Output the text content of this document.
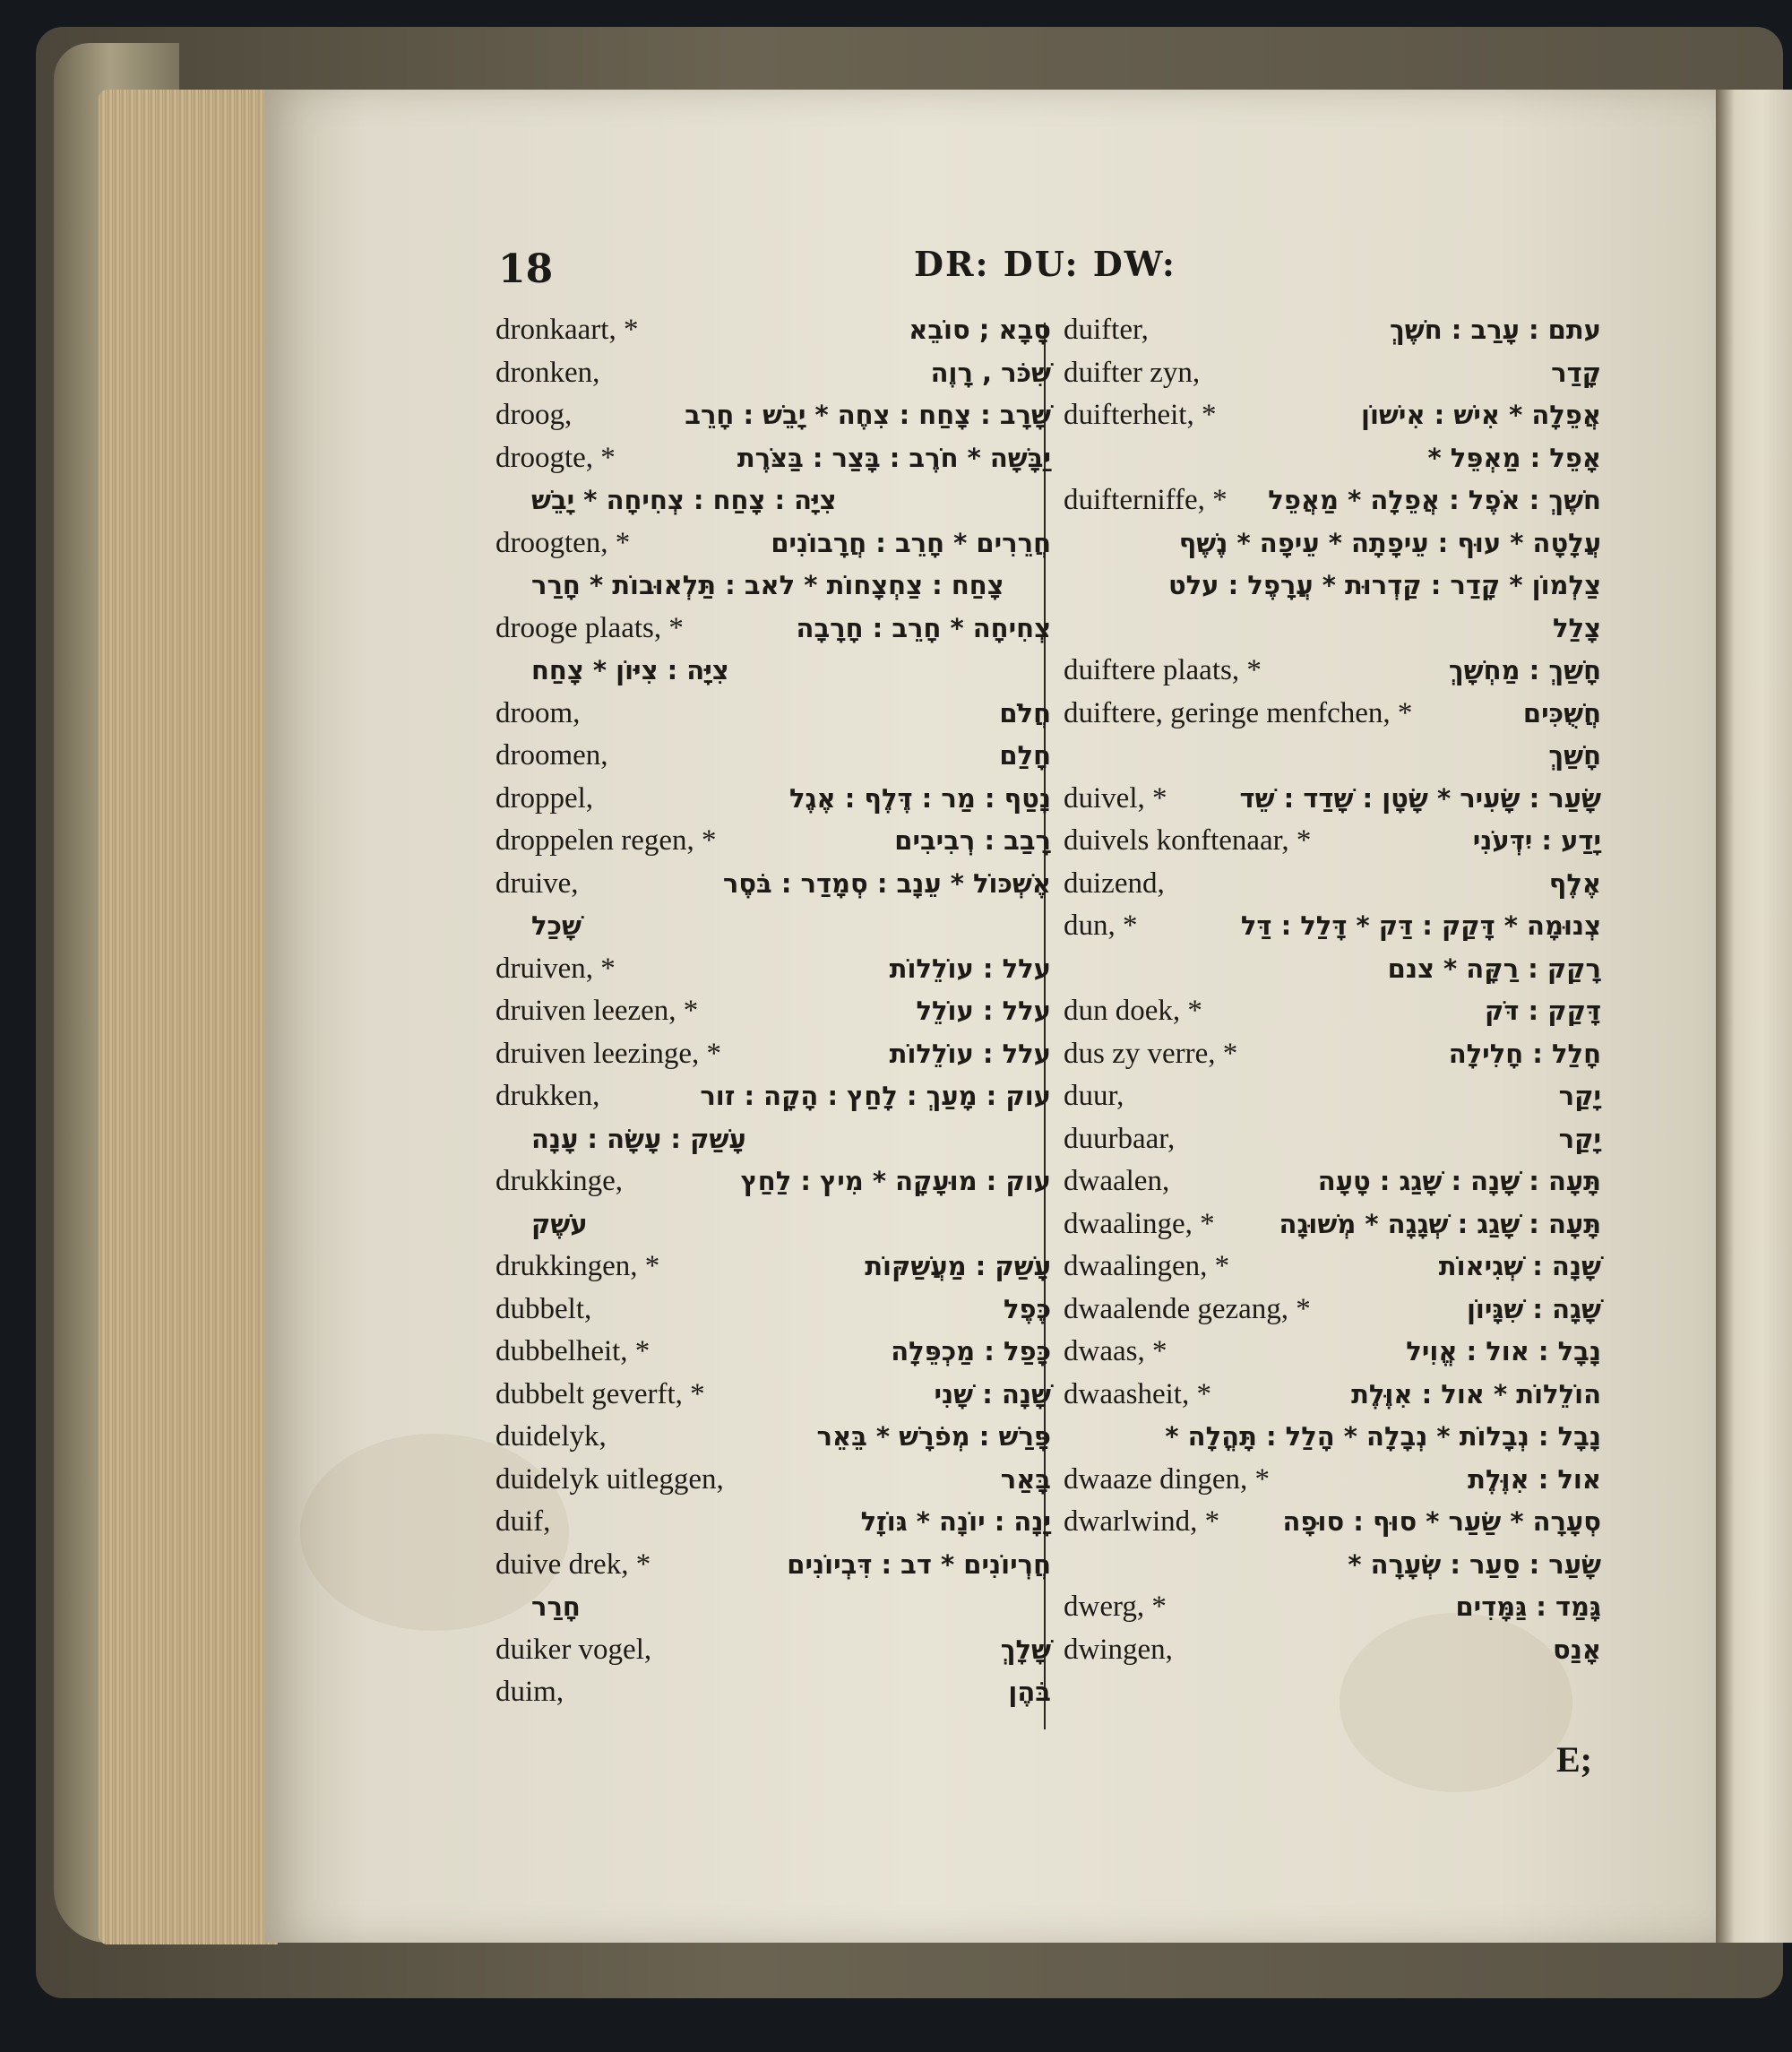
18	DR: DU: DW:
dronkaart, *	סָבָא ; סוֹבֵא
dronken,	שִׁכֹּר , רָוֶה
droog,	שָׁרָב : צָחַח : צִחֶה * יָבֵשׁ : חָרֵב
droogte, *	יַבָּשָׁה * חֹרֶב : בָּצַר : בַּצֹּרֶת
צִיָּה : צָחַח : צְחִיחָה * יָבֵשׁ
droogten, *	חֲרֵרִים * חָרֵב : חֲרָבוֹנִים
צָחַח : צַחְצָחוֹת * לאב : תַּלְאוּבוֹת * חָרַר
drooge plaats, *	צְחִיחָה * חָרֵב : חָרָבָה
צִיָּה : צִיּוֹן * צָחַח
droom,	חֲלֹם
droomen,	חָלַם
droppel,	נָטַף : מַר : דֶּלֶף : אֶגֶל
droppelen regen, *	רָבַב : רְבִיבִים
druive,	אֶשְׁכּוֹל * עֵנָב : סְמָדַר : בֹּסֶר
שָׁכַל
druiven, *	עלל : עוֹלֵלוֹת
druiven leezen, *	עלל : עוֹלֵל
druiven leezinge, *	עלל : עוֹלֵלוֹת
drukken,	עוק : מָעַךְ : לָחַץ : הָקָה : זור
עָשַׁק : עָשָׂה : עָנָה
drukkinge,	עוק : מוּעָקָה * מִיץ : לַחַץ
עֹשֶׁק
drukkingen, *	עָשַׁק : מַעֲשַׁקּוֹת
dubbelt,	כֶּפֶל
dubbelheit, *	כָּפַל : מַכְפֵּלָה
dubbelt geverft, *	שָׁנָה : שָׁנִי
duidelyk,	פָּרַשׁ : מְפֹרָשׁ * בֵּאֵר
duidelyk uitleggen,	בָּאַר
duif,	יָנָה : יוֹנָה * גּוֹזָל
duive drek, *	חֲרְיוֹנִים * דב : דִּבְיוֹנִים
חָרַר
duiker vogel,	שָׁלָךְ
duim,	בֹּהֶן
duifter,	עתם : עָרַב : חשֶׁךְ
duifter zyn,	קָדַר
duifterheit, *	אֲפֵלָה * אִישׁ : אִישׁוֹן
אָפֵל : מַאְפֵּל *
duifterniffe, * חשֶׁךְ : אֹפֶל : אֲפֵלָה * מַאֲפֵל
עֲלָטָה * עוּף : עֵיפָתָה * עֵיפָה * נֶשֶׁף
צַלְמוֹן * קָדַר : קַדְרוּת * עֲרָפֶל : עלט
צָלַל
duiftere plaats, *	חָשַׁךְ : מַחְשָׁךְ
duiftere, geringe menfchen, *	חֲשֻׁכִּים
חָשַׁךְ
duivel, *	שָׂעַר : שָׂעִיר * שָׂטָן : שָׁדַד : שֵׁד
duivels konftenaar, *	יָדַע : יִדְּעֹנִי
duizend,	אֶלֶף
dun, *	צְנוּמָה * דָּקַק : דַּק * דָּלַל : דַּל
רָקַק : רַקָּה * צנם
dun doek, *	דָּקַק : דֹּק
dus zy verre, *	חָלַל : חָלִילָה
duur,	יָקַר
duurbaar,	יָקַר
dwaalen,	תָּעָה : שָׁנָה : שָׁגַג : טָעָה
dwaalinge, * תָּעָה : שָׁגַג : שְׁגָגָה * מְשׁוּגָה
dwaalingen, *	שָׁנָה : שְׁגִיאוֹת
dwaalende gezang, *	שָׁגָה : שִׁגָּיוֹן
dwaas, *	נָבָל : אול : אֱוִיל
dwaasheit, *	הוֹלֵלוֹת * אול : אִוֶּלֶת
נָבָל : נְבָלוֹת * נְבָלָה * הָלַל : תָּהֳלָה *
dwaaze dingen, *	אול : אִוֶּלֶת
dwarlwind, * סְעָרָה * שַׂעַר * סוּף : סוּפָה
שָׂעַר : סַעַר : שְׂעָרָה *
dwerg, *	גָּמַד : גַּמָּדִים
dwingen,	אָנַס
E;
